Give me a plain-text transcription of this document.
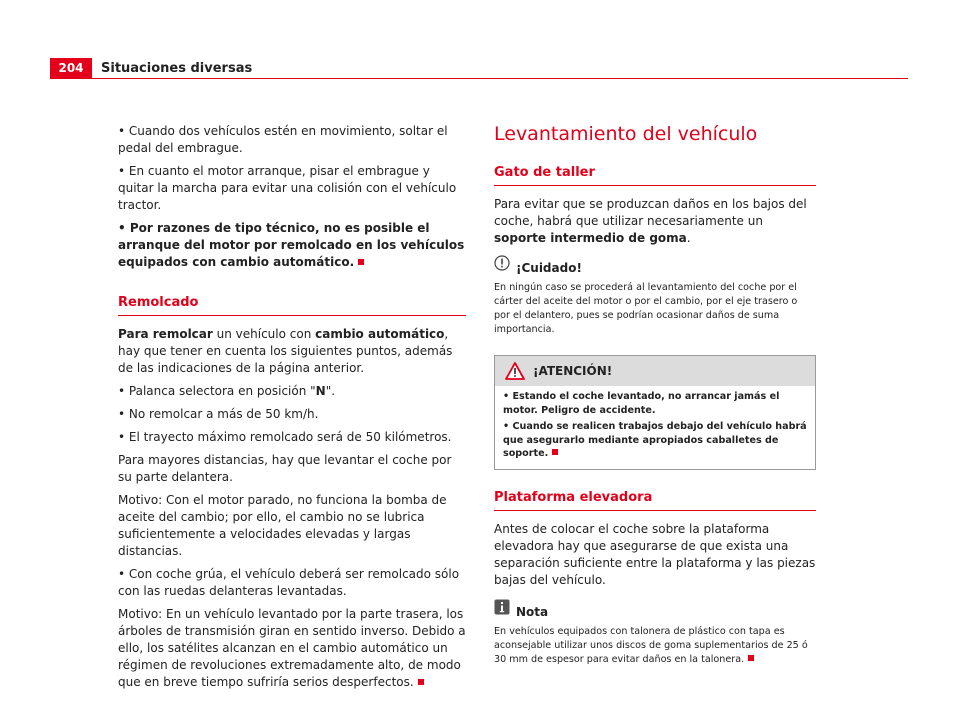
204	Situaciones diversas

• Cuando dos vehículos estén en movimiento, soltar el pedal del embrague.

• En cuanto el motor arranque, pisar el embrague y quitar la marcha para evitar una colisión con el vehículo tractor.

• Por razones de tipo técnico, no es posible el arranque del motor por remolcado en los vehículos equipados con cambio automático.

Remolcado

Para remolcar un vehículo con cambio automático, hay que tener en cuenta los siguientes puntos, además de las indicaciones de la página anterior.

• Palanca selectora en posición "N".

• No remolcar a más de 50 km/h.

• El trayecto máximo remolcado será de 50 kilómetros.

Para mayores distancias, hay que levantar el coche por su parte delantera.

Motivo: Con el motor parado, no funciona la bomba de aceite del cambio; por ello, el cambio no se lubrica suficientemente a velocidades elevadas y largas distancias.

• Con coche grúa, el vehículo deberá ser remolcado sólo con las ruedas delanteras levantadas.

Motivo: En un vehículo levantado por la parte trasera, los árboles de transmisión giran en sentido inverso. Debido a ello, los satélites alcanzan en el cambio automático un régimen de revoluciones extremadamente alto, de modo que en breve tiempo sufriría serios desperfectos.

Levantamiento del vehículo
Gato de taller

Para evitar que se produzcan daños en los bajos del coche, habrá que utilizar necesariamente un soporte intermedio de goma.

¡Cuidado!

En ningún caso se procederá al levantamiento del coche por el cárter del aceite del motor o por el cambio, por el eje trasero o por el delantero, pues se podrían ocasionar daños de suma importancia.

¡ATENCIÓN!

• Estando el coche levantado, no arrancar jamás el motor. Peligro de accidente.

• Cuando se realicen trabajos debajo del vehículo habrá que asegurarlo mediante apropiados caballetes de soporte.

Plataforma elevadora

Antes de colocar el coche sobre la plataforma elevadora hay que asegurarse de que exista una separación suficiente entre la plataforma y las piezas bajas del vehículo.

Nota

En vehículos equipados con talonera de plástico con tapa es aconsejable utilizar unos discos de goma suplementarios de 25 ó 30 mm de espesor para evitar daños en la talonera.
